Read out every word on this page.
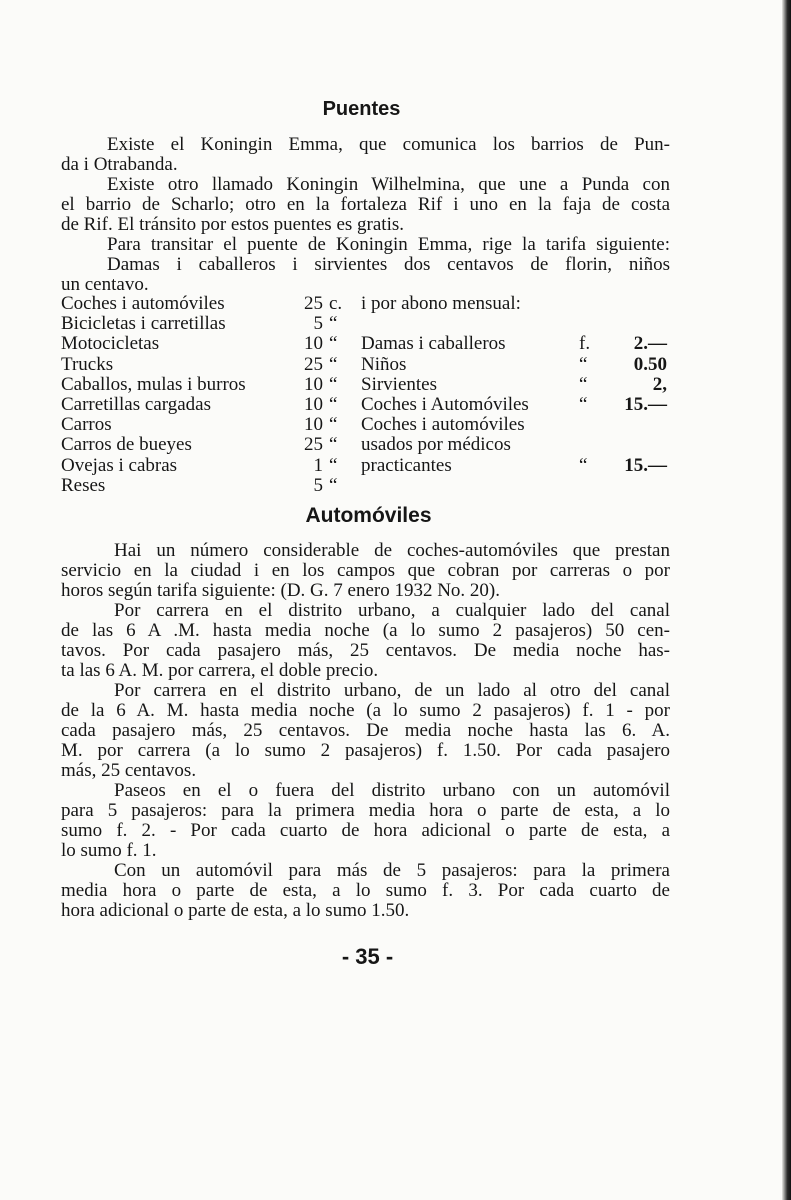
Puentes
Existe el Koningin Emma, que comunica los barrios de Pun-
da i Otrabanda.
Existe otro llamado Koningin Wilhelmina, que une a Punda con
el barrio de Scharlo; otro en la fortaleza Rif i uno en la faja de costa
de Rif. El tránsito por estos puentes es gratis.
Para transitar el puente de Koningin Emma, rige la tarifa siguiente:
Damas i caballeros i sirvientes dos centavos de florin, niños
un centavo.
Coches i automóviles	25 c. i por abono mensual:
Bicicletas i carretillas	5 “
Motocicletas	10 “ Damas i caballeros	f.	2.—
Trucks	25 “ Niños	“	0.50
Caballos, mulas i burros	10 “ Sirvientes	“	2,
Carretillas cargadas	10 “ Coches i Automóviles	“	15.—
Carros	10 “ Coches i automóviles
Carros de bueyes	25 “ usados por médicos
Ovejas i cabras	1 “ practicantes	“	15.—
Reses	5 “
Automóviles
Hai un número considerable de coches-automóviles que prestan
servicio en la ciudad i en los campos que cobran por carreras o por
horos según tarifa siguiente: (D. G. 7 enero 1932 No. 20).
Por carrera en el distrito urbano, a cualquier lado del canal
de las 6 A .M. hasta media noche (a lo sumo 2 pasajeros) 50 cen-
tavos. Por cada pasajero más, 25 centavos. De media noche has-
ta las 6 A. M. por carrera, el doble precio.
Por carrera en el distrito urbano, de un lado al otro del canal
de la 6 A. M. hasta media noche (a lo sumo 2 pasajeros) f. 1 - por
cada pasajero más, 25 centavos. De media noche hasta las 6. A.
M. por carrera (a lo sumo 2 pasajeros) f. 1.50. Por cada pasajero
más, 25 centavos.
Paseos en el o fuera del distrito urbano con un automóvil
para 5 pasajeros: para la primera media hora o parte de esta, a lo
sumo f. 2. - Por cada cuarto de hora adicional o parte de esta, a
lo sumo f. 1.
Con un automóvil para más de 5 pasajeros: para la primera
media hora o parte de esta, a lo sumo f. 3. Por cada cuarto de
hora adicional o parte de esta, a lo sumo 1.50.
- 35 -
